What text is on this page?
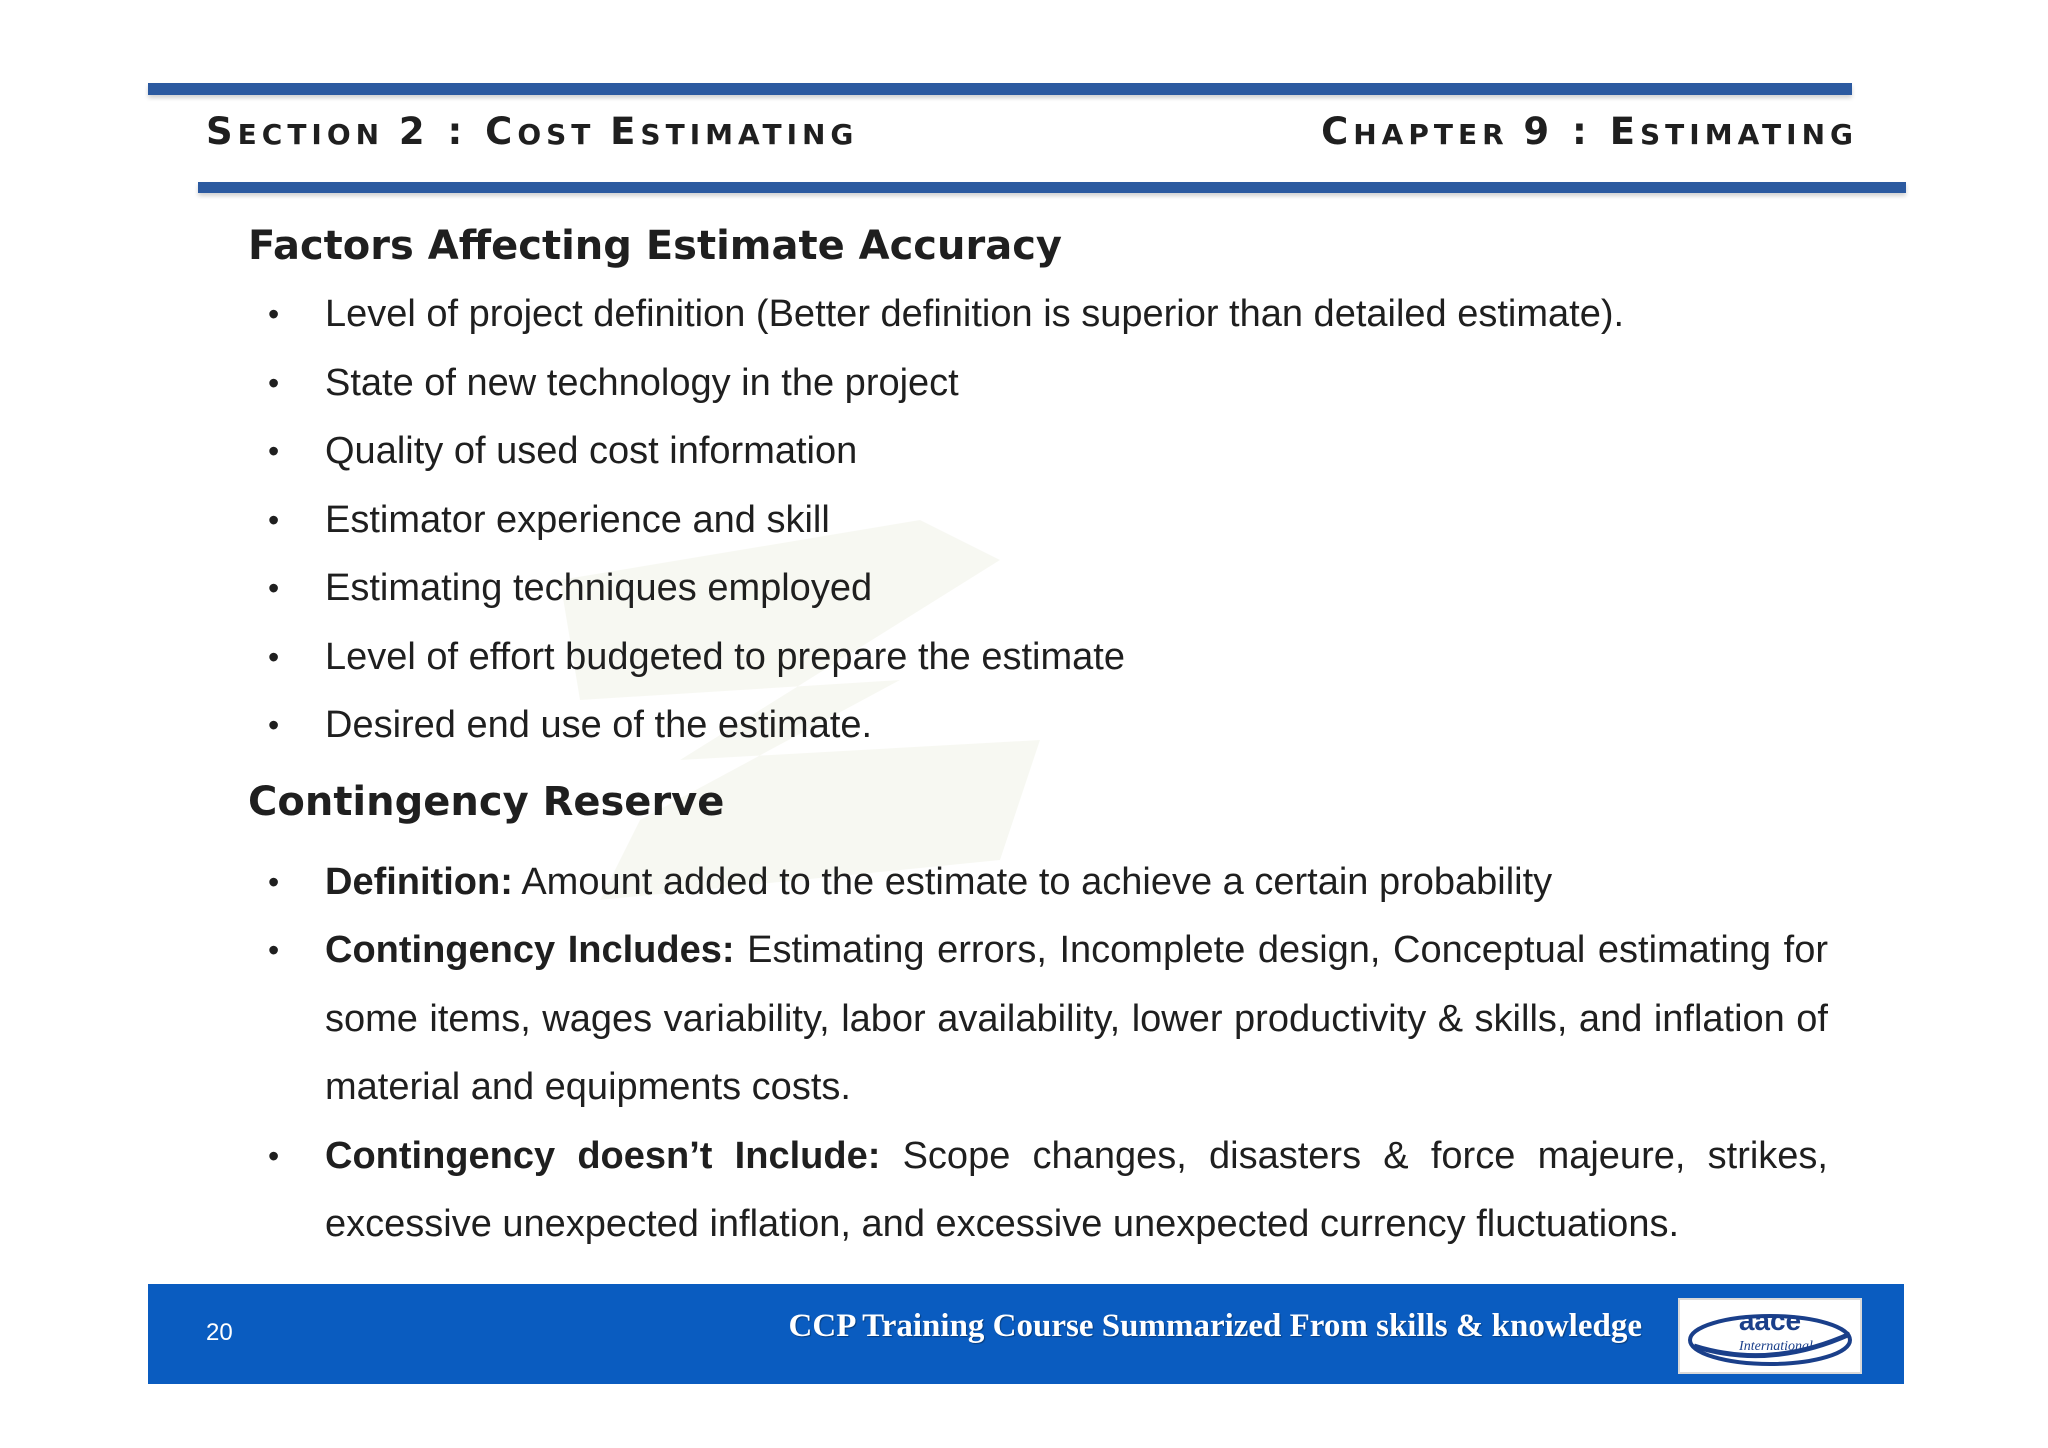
SECTION 2 : COST ESTIMATING	CHAPTER 9 : ESTIMATING
Factors Affecting Estimate Accuracy
• Level of project definition (Better definition is superior than detailed estimate).
• State of new technology in the project
• Quality of used cost information
• Estimator experience and skill
• Estimating techniques employed
• Level of effort budgeted to prepare the estimate
• Desired end use of the estimate.
Contingency Reserve
• Definition: Amount added to the estimate to achieve a certain probability
• Contingency Includes: Estimating errors, Incomplete design, Conceptual estimating for some items, wages variability, labor availability, lower productivity & skills, and inflation of material and equipments costs.
• Contingency doesn’t Include: Scope changes, disasters & force majeure, strikes, excessive unexpected inflation, and excessive unexpected currency fluctuations.
20	CCP Training Course Summarized From skills & knowledge	aace
International
